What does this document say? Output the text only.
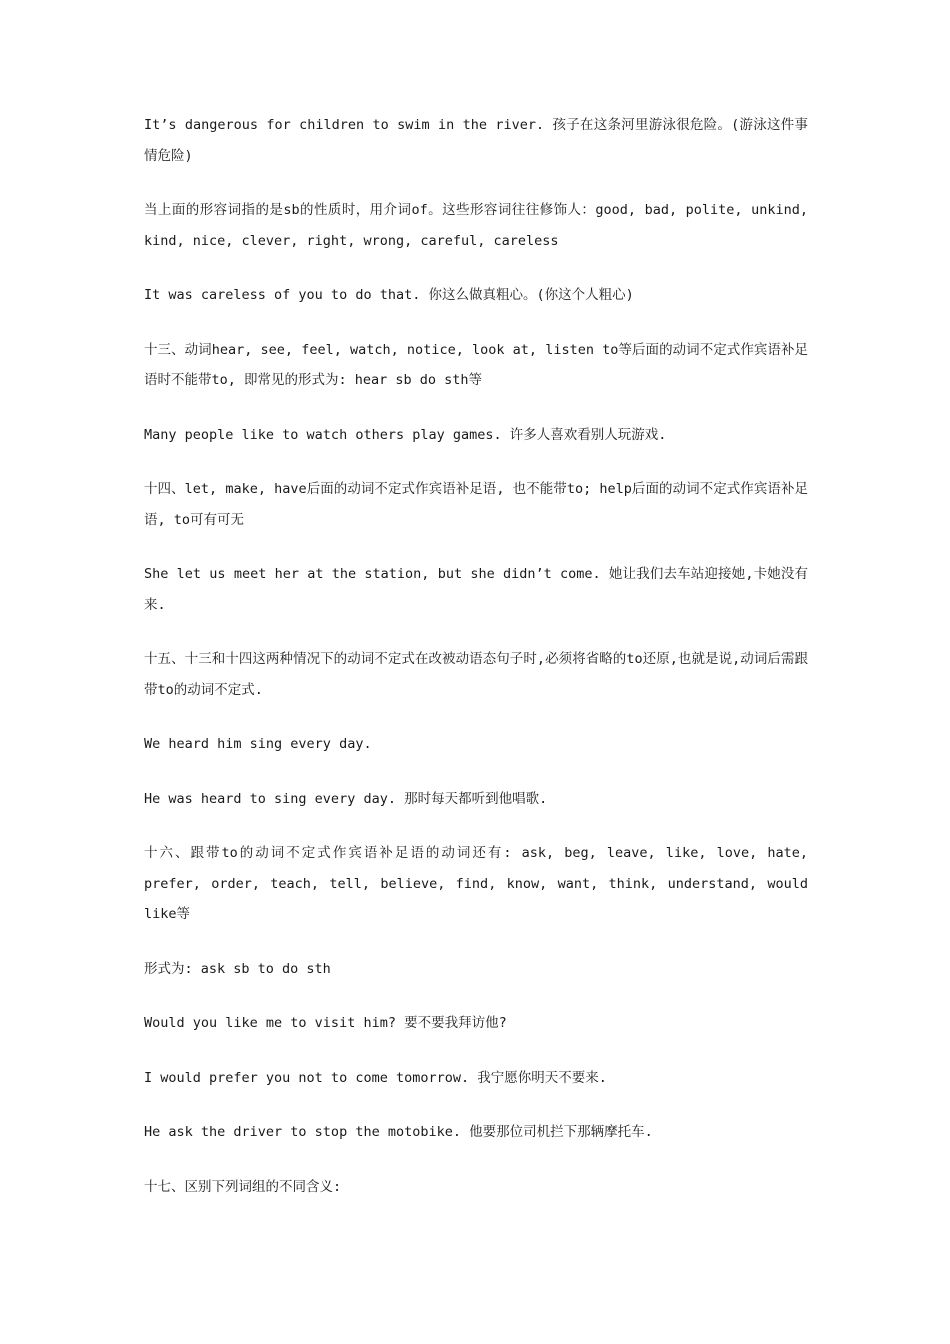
It’s dangerous for children to swim in the river. 孩子在这条河里游泳很危险。(游泳这件事情危险)

当上面的形容词指的是sb的性质时，用介词of。这些形容词往往修饰人：good, bad, polite, unkind, kind, nice, clever, right, wrong, careful, careless

It was careless of you to do that. 你这么做真粗心。(你这个人粗心)

十三、动词hear, see, feel, watch, notice, look at, listen to等后面的动词不定式作宾语补足语时不能带to, 即常见的形式为: hear sb do sth等

Many people like to watch others play games. 许多人喜欢看别人玩游戏.

十四、let, make, have后面的动词不定式作宾语补足语, 也不能带to; help后面的动词不定式作宾语补足语, to可有可无

She let us meet her at the station, but she didn’t come. 她让我们去车站迎接她,卡她没有来.

十五、十三和十四这两种情况下的动词不定式在改被动语态句子时,必须将省略的to还原,也就是说,动词后需跟带to的动词不定式.

We heard him sing every day.

He was heard to sing every day. 那时每天都听到他唱歌.

十六、跟带to的动词不定式作宾语补足语的动词还有: ask, beg, leave, like, love, hate, prefer, order, teach, tell, believe, find, know, want, think, understand, would like等

形式为: ask sb to do sth

Would you like me to visit him? 要不要我拜访他?

I would prefer you not to come tomorrow. 我宁愿你明天不要来.

He ask the driver to stop the motobike. 他要那位司机拦下那辆摩托车.

十七、区别下列词组的不同含义:
